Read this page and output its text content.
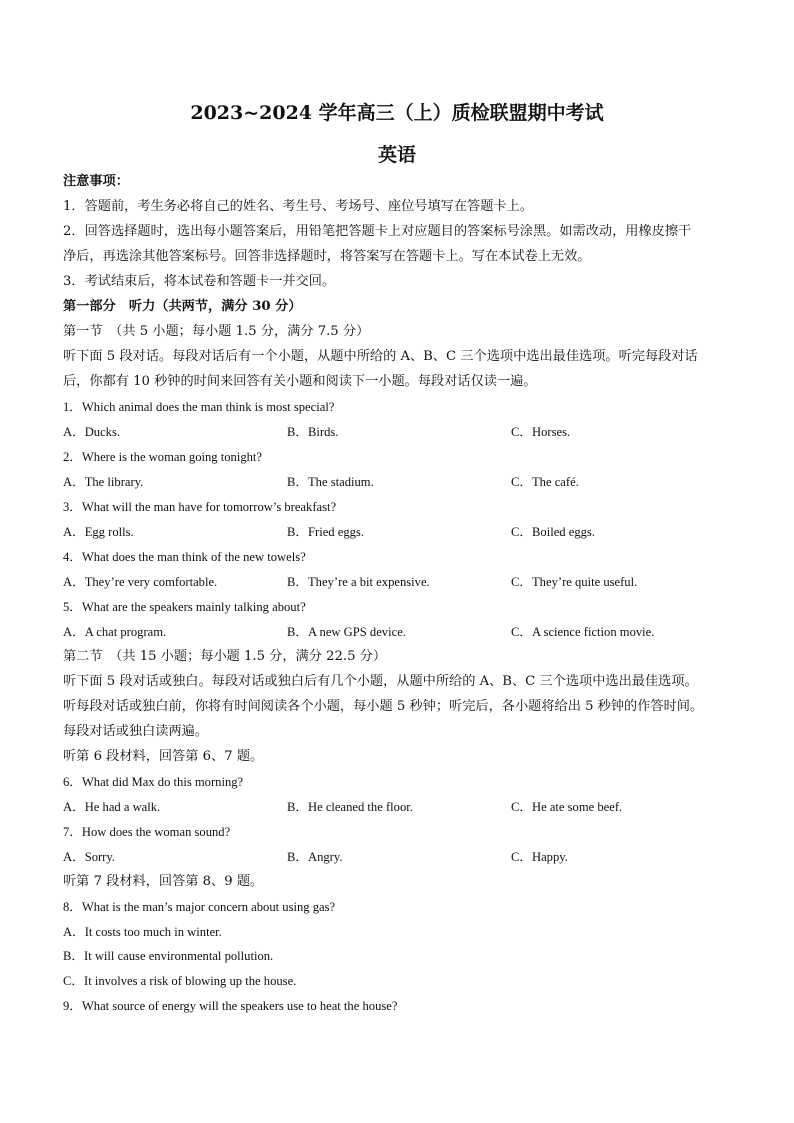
2023~2024 学年高三（上）质检联盟期中考试
英语
注意事项：
1．答题前，考生务必将自己的姓名、考生号、考场号、座位号填写在答题卡上。
2．回答选择题时，选出每小题答案后，用铅笔把答题卡上对应题目的答案标号涂黑。如需改动，用橡皮擦干
净后，再选涂其他答案标号。回答非选择题时，将答案写在答题卡上。写在本试卷上无效。
3．考试结束后，将本试卷和答题卡一并交回。
第一部分　听力（共两节，满分 30 分）
第一节　（共 5 小题；每小题 1.5 分，满分 7.5 分）
听下面 5 段对话。每段对话后有一个小题，从题中所给的 A、B、C 三个选项中选出最佳选项。听完每段对话
后，你都有 10 秒钟的时间来回答有关小题和阅读下一小题。每段对话仅读一遍。
1．Which animal does the man think is most special?
A．Ducks.	B．Birds.	C．Horses.
2．Where is the woman going tonight?
A．The library.	B．The stadium.	C．The café.
3．What will the man have for tomorrow’s breakfast?
A．Egg rolls.	B．Fried eggs.	C．Boiled eggs.
4．What does the man think of the new towels?
A．They’re very comfortable.	B．They’re a bit expensive.	C．They’re quite useful.
5．What are the speakers mainly talking about?
A．A chat program.	B．A new GPS device.	C．A science fiction movie.
第二节　（共 15 小题；每小题 1.5 分，满分 22.5 分）
听下面 5 段对话或独白。每段对话或独白后有几个小题，从题中所给的 A、B、C 三个选项中选出最佳选项。
听每段对话或独白前，你将有时间阅读各个小题，每小题 5 秒钟；听完后，各小题将给出 5 秒钟的作答时间。
每段对话或独白读两遍。
听第 6 段材料，回答第 6、7 题。
6．What did Max do this morning?
A．He had a walk.	B．He cleaned the floor.	C．He ate some beef.
7．How does the woman sound?
A．Sorry.	B．Angry.	C．Happy.
听第 7 段材料，回答第 8、9 题。
8．What is the man’s major concern about using gas?
A．It costs too much in winter.
B．It will cause environmental pollution.
C．It involves a risk of blowing up the house.
9．What source of energy will the speakers use to heat the house?
